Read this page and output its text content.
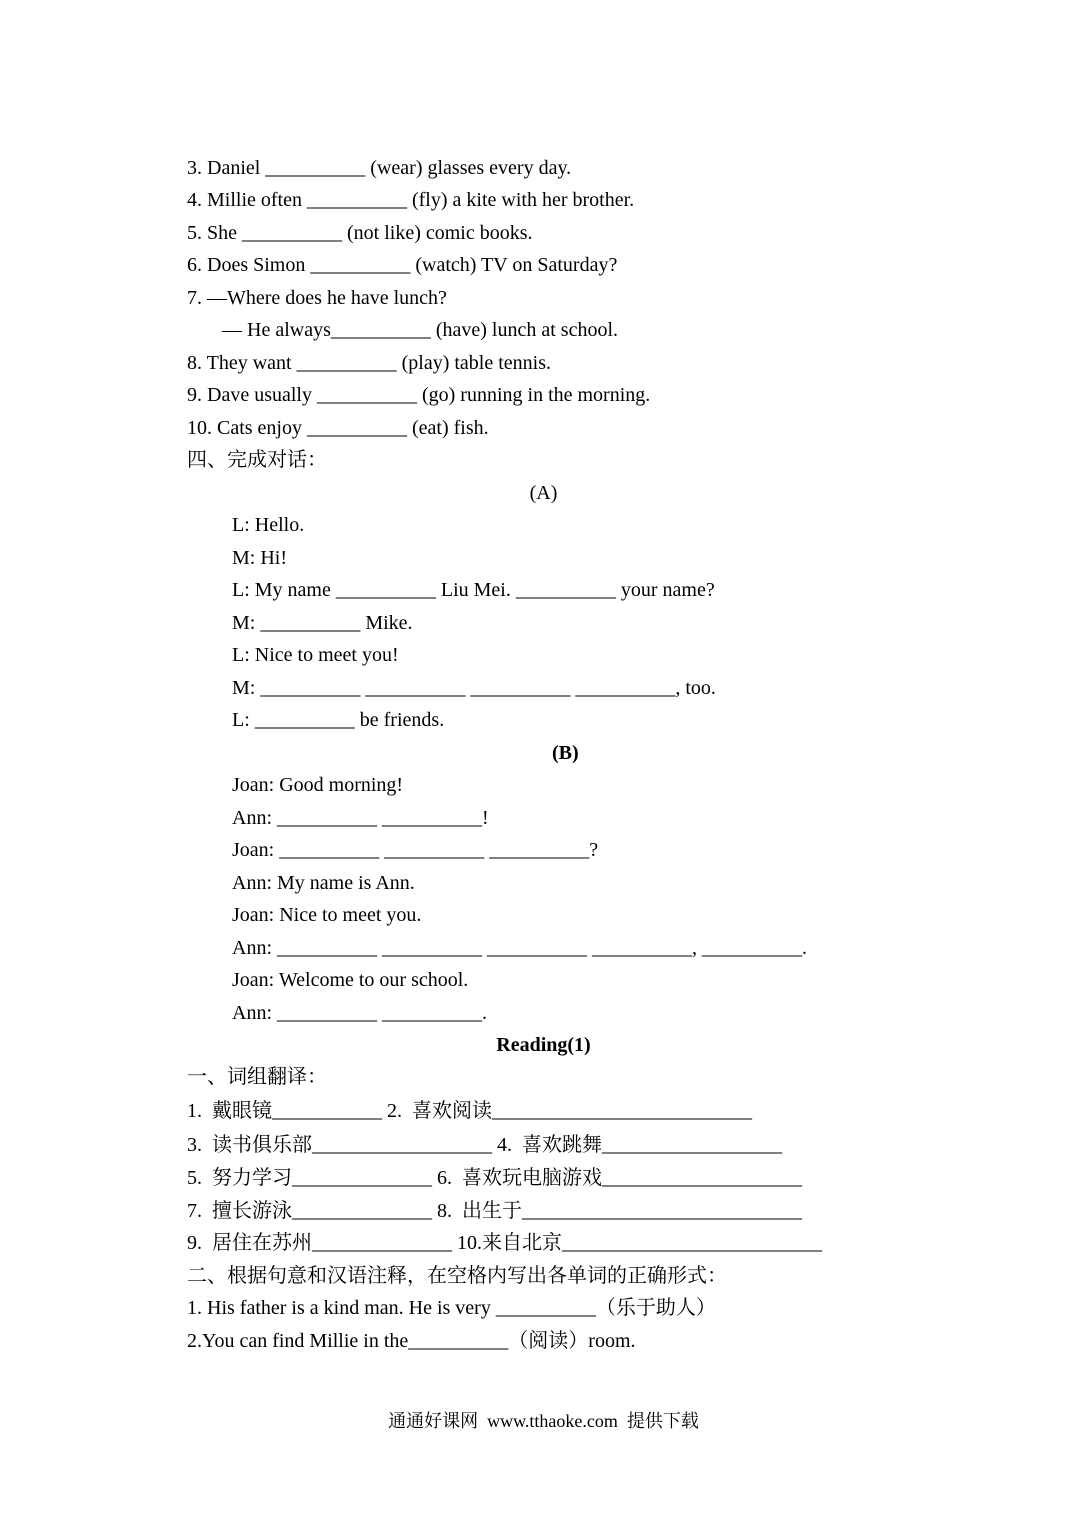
3. Daniel __________ (wear) glasses every day.
4. Millie often __________ (fly) a kite with her brother.
5. She __________ (not like) comic books.
6. Does Simon __________ (watch) TV on Saturday?
7. —Where does he have lunch?
— He always__________ (have) lunch at school.
8. They want __________ (play) table tennis.
9. Dave usually __________ (go) running in the morning.
10. Cats enjoy __________ (eat) fish.
四、完成对话：
(A)
L: Hello.
M: Hi!
L: My name __________ Liu Mei. __________ your name?
M: __________ Mike.
L: Nice to meet you!
M: __________ __________ __________ __________, too.
L: __________ be friends.
(B)
Joan: Good morning!
Ann: __________ __________!
Joan: __________ __________ __________?
Ann: My name is Ann.
Joan: Nice to meet you.
Ann: __________ __________ __________ __________, __________.
Joan: Welcome to our school.
Ann: __________ __________.
Reading(1)
一、词组翻译：
1.  戴眼镜___________ 2.  喜欢阅读__________________________
3.  读书俱乐部__________________ 4.  喜欢跳舞__________________
5.  努力学习______________ 6.  喜欢玩电脑游戏____________________
7.  擅长游泳______________ 8.  出生于____________________________
9.  居住在苏州______________ 10.来自北京__________________________
二、根据句意和汉语注释，在空格内写出各单词的正确形式：
1. His father is a kind man. He is very __________（乐于助人）
2.You can find Millie in the__________（阅读）room.
通通好课网  www.tthaoke.com  提供下载
